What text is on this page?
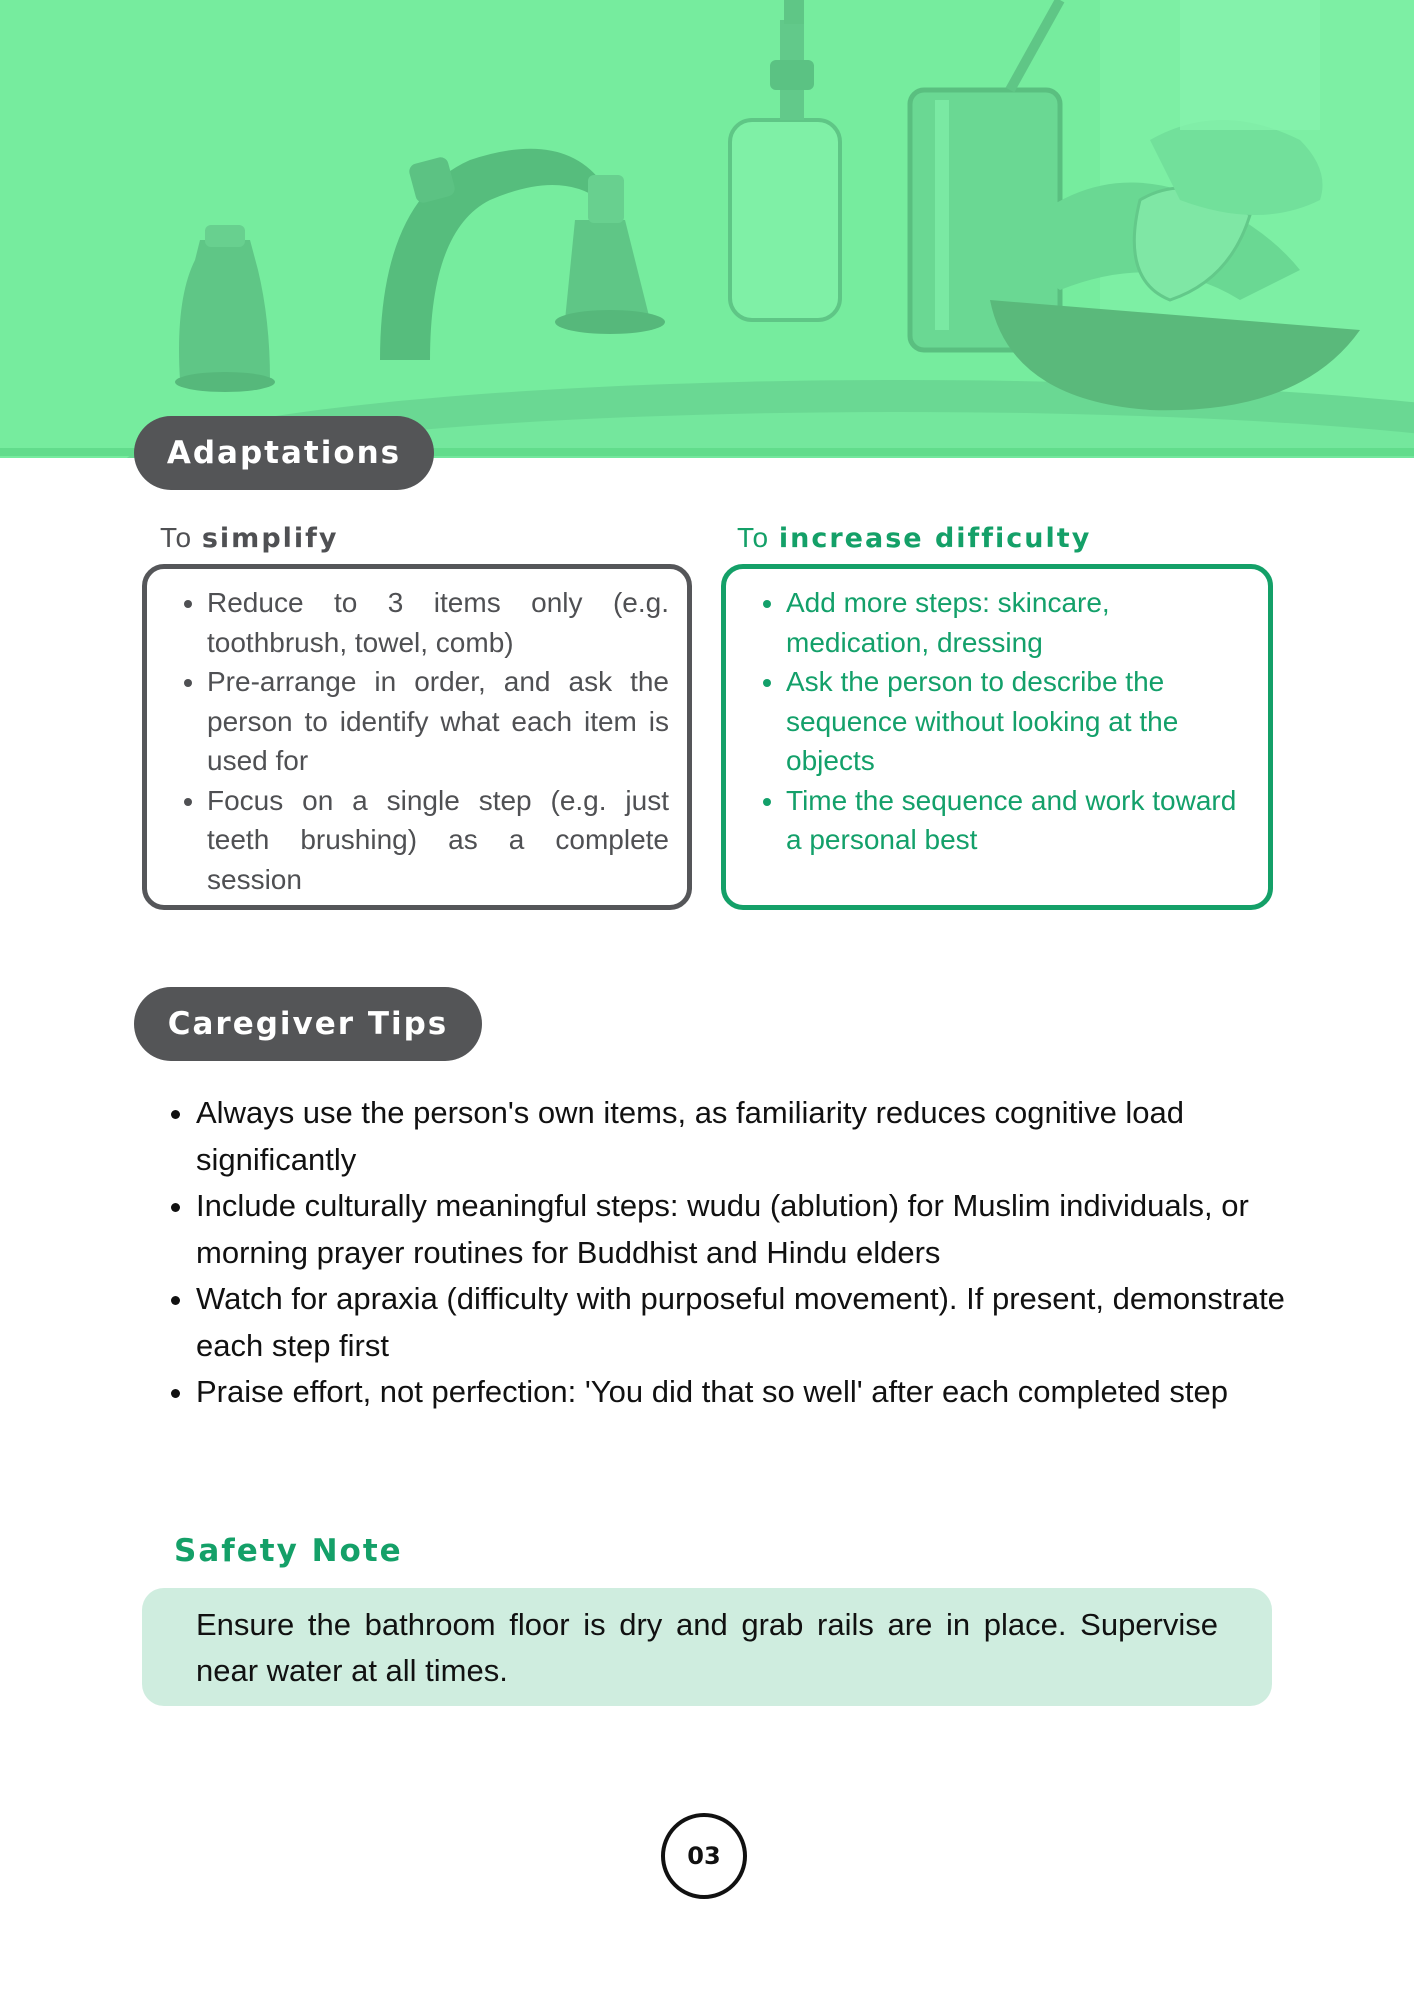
Adaptations
To simplify	To increase difficulty
• Reduce to 3 items only (e.g. toothbrush, towel, comb)
• Pre-arrange in order, and ask the person to identify what each item is used for
• Focus on a single step (e.g. just teeth brushing) as a complete session
• Add more steps: skincare, medication, dressing
• Ask the person to describe the sequence without looking at the objects
• Time the sequence and work toward a personal best
Caregiver Tips
• Always use the person's own items, as familiarity reduces cognitive load significantly
• Include culturally meaningful steps: wudu (ablution) for Muslim individuals, or morning prayer routines for Buddhist and Hindu elders
• Watch for apraxia (difficulty with purposeful movement). If present, demonstrate each step first
• Praise effort, not perfection: 'You did that so well' after each completed step
Safety Note

Ensure the bathroom floor is dry and grab rails are in place. Supervise near water at all times.

03
